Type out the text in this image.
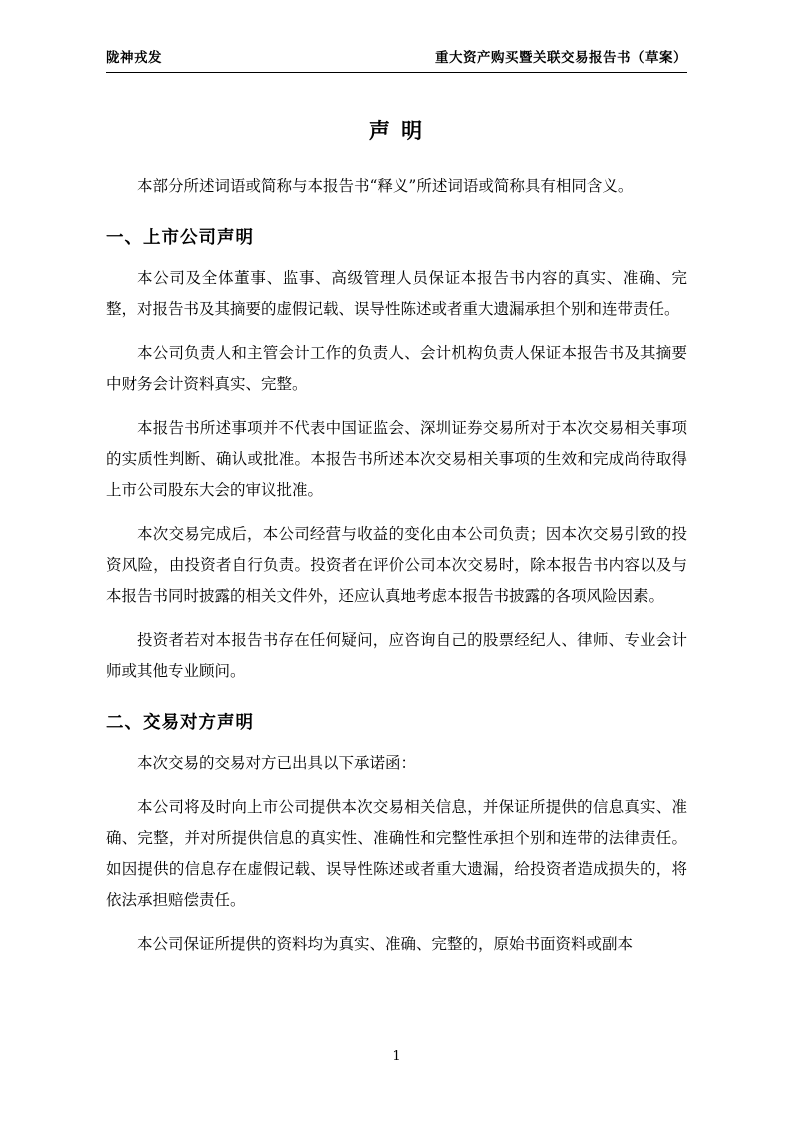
陇神戎发	重大资产购买暨关联交易报告书（草案）
声 明

本部分所述词语或简称与本报告书“释义”所述词语或简称具有相同含义。

一、上市公司声明

本公司及全体董事、监事、高级管理人员保证本报告书内容的真实、准确、完整，对报告书及其摘要的虚假记载、误导性陈述或者重大遗漏承担个别和连带责任。

本公司负责人和主管会计工作的负责人、会计机构负责人保证本报告书及其摘要中财务会计资料真实、完整。

本报告书所述事项并不代表中国证监会、深圳证券交易所对于本次交易相关事项的实质性判断、确认或批准。本报告书所述本次交易相关事项的生效和完成尚待取得上市公司股东大会的审议批准。

本次交易完成后，本公司经营与收益的变化由本公司负责；因本次交易引致的投资风险，由投资者自行负责。投资者在评价公司本次交易时，除本报告书内容以及与本报告书同时披露的相关文件外，还应认真地考虑本报告书披露的各项风险因素。

投资者若对本报告书存在任何疑问，应咨询自己的股票经纪人、律师、专业会计师或其他专业顾问。

二、交易对方声明

本次交易的交易对方已出具以下承诺函：

本公司将及时向上市公司提供本次交易相关信息，并保证所提供的信息真实、准确、完整，并对所提供信息的真实性、准确性和完整性承担个别和连带的法律责任。如因提供的信息存在虚假记载、误导性陈述或者重大遗漏，给投资者造成损失的，将依法承担赔偿责任。

本公司保证所提供的资料均为真实、准确、完整的，原始书面资料或副本

1
